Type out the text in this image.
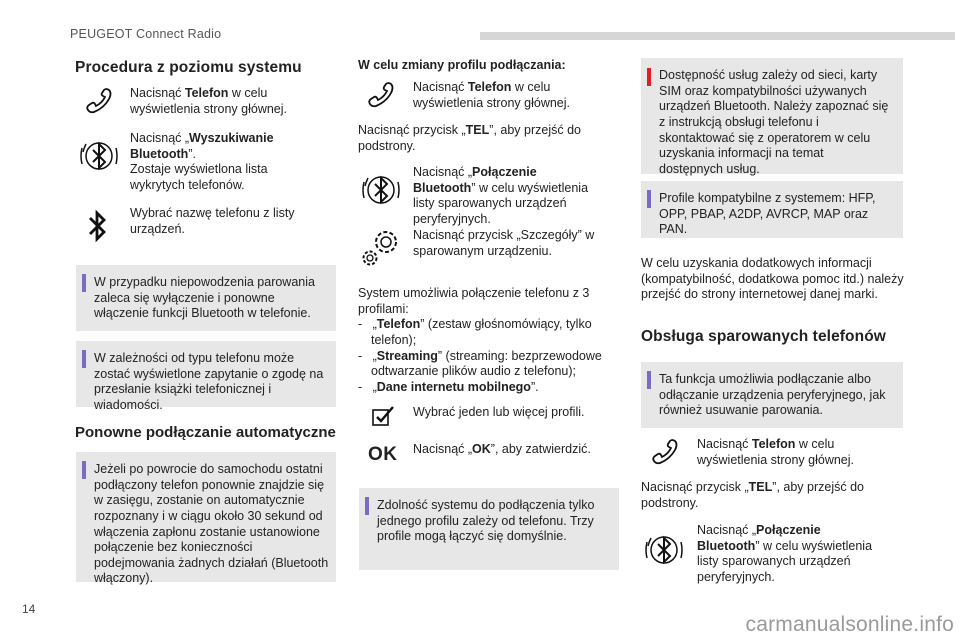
PEUGEOT Connect Radio
Procedura z poziomu systemu
Nacisnąć Telefon w celu wyświetlenia strony głównej.
Nacisnąć „Wyszukiwanie Bluetooth”.
Zostaje wyświetlona lista wykrytych telefonów.
Wybrać nazwę telefonu z listy urządzeń.
W przypadku niepowodzenia parowania zaleca się wyłączenie i ponowne włączenie funkcji Bluetooth w telefonie.
W zależności od typu telefonu może zostać wyświetlone zapytanie o zgodę na przesłanie książki telefonicznej i wiadomości.
Ponowne podłączanie automatyczne
Jeżeli po powrocie do samochodu ostatni podłączony telefon ponownie znajdzie się w zasięgu, zostanie on automatycznie rozpoznany i w ciągu około 30 sekund od włączenia zapłonu zostanie ustanowione połączenie bez konieczności podejmowania żadnych działań (Bluetooth włączony).
W celu zmiany profilu podłączania:
Nacisnąć Telefon w celu wyświetlenia strony głównej.
Nacisnąć przycisk „TEL”, aby przejść do podstrony.
Nacisnąć „Połączenie Bluetooth” w celu wyświetlenia listy sparowanych urządzeń peryferyjnych.
Nacisnąć przycisk „Szczegóły” w sparowanym urządzeniu.

System umożliwia połączenie telefonu z 3 profilami:

- „Telefon” (zestaw głośnomówiący, tylko telefon);
- „Streaming” (streaming: bezprzewodowe odtwarzanie plików audio z telefonu);
- „Dane internetu mobilnego”.
Wybrać jeden lub więcej profili.
OK Nacisnąć „OK”, aby zatwierdzić.
Zdolność systemu do podłączenia tylko jednego profilu zależy od telefonu. Trzy profile mogą łączyć się domyślnie.
Dostępność usług zależy od sieci, karty SIM oraz kompatybilności używanych urządzeń Bluetooth. Należy zapoznać się z instrukcją obsługi telefonu i skontaktować się z operatorem w celu uzyskania informacji na temat dostępnych usług.
Profile kompatybilne z systemem: HFP, OPP, PBAP, A2DP, AVRCP, MAP oraz PAN.
W celu uzyskania dodatkowych informacji (kompatybilność, dodatkowa pomoc itd.) należy przejść do strony internetowej danej marki.
Obsługa sparowanych telefonów
Ta funkcja umożliwia podłączanie albo odłączanie urządzenia peryferyjnego, jak również usuwanie parowania.
Nacisnąć Telefon w celu wyświetlenia strony głównej.
Nacisnąć przycisk „TEL”, aby przejść do podstrony.
Nacisnąć „Połączenie Bluetooth” w celu wyświetlenia listy sparowanych urządzeń peryferyjnych.
14
carmanualsonline.info
